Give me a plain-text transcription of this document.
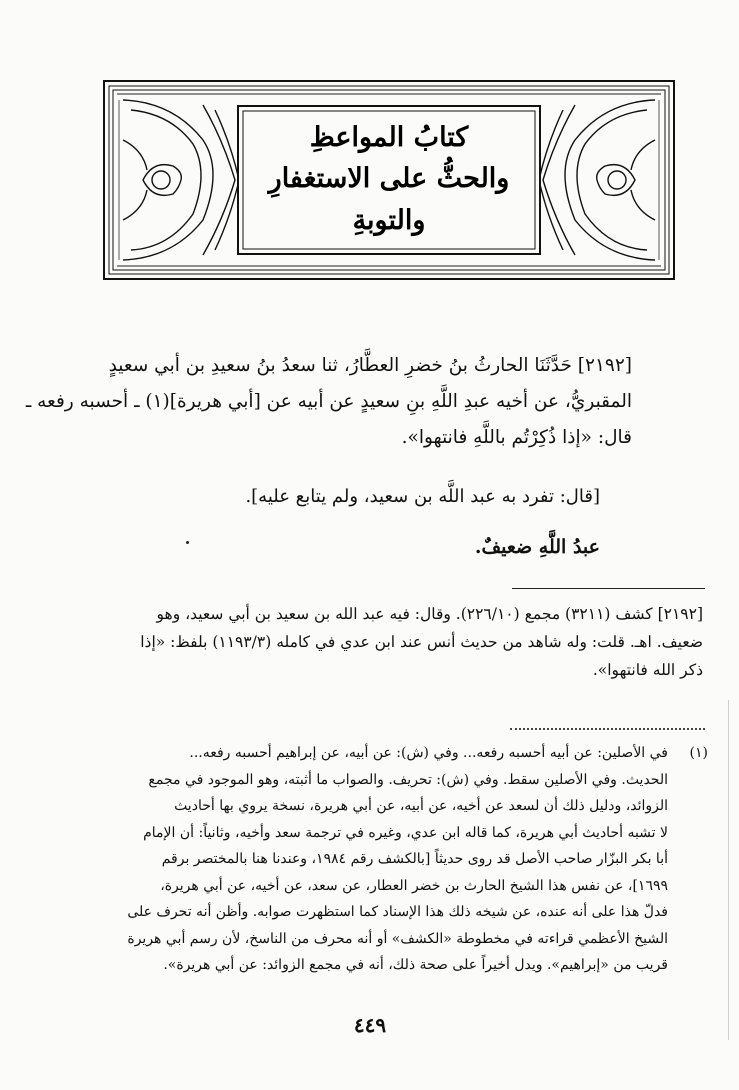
كتابُ المواعظِ
والحثُّ على الاستغفارِ والتوبةِ

[٢١٩٢] حَدَّثَنَا الحارثُ بنُ خضرِ العطَّارُ، ثنا سعدُ بنُ سعيدِ بن أبي سعيدٍ
المقبريُّ، عن أخيه عبدِ اللَّهِ بنِ سعيدٍ عن أبيه عن [أبي هريرة](١) ـ أحسبه رفعه ـ
قال: «إذا ذُكِرْتُم باللَّهِ فانتهوا».

[قال: تفرد به عبد اللَّه بن سعيد، ولم يتابع عليه].
عبدُ اللَّهِ ضعيفٌ.
[٢١٩٢] كشف (٣٢١١) مجمع (٢٢٦/١٠). وقال: فيه عبد الله بن سعيد بن أبي سعيد، وهو
ضعيف. اهـ. قلت: وله شاهد من حديث أنس عند ابن عدي في كامله (١١٩٣/٣) بلفظ: «إذا
ذكر الله فانتهوا».
(١)
في الأصلين: عن أبيه أحسبه رفعه... وفي (ش): عن أبيه، عن إبراهيم أحسبه رفعه...
الحديث. وفي الأصلين سقط. وفي (ش): تحريف. والصواب ما أثبته، وهو الموجود في مجمع
الزوائد، ودليل ذلك أن لسعد عن أخيه، عن أبيه، عن أبي هريرة، نسخة يروي بها أحاديث
لا تشبه أحاديث أبي هريرة، كما قاله ابن عدي، وغيره في ترجمة سعد وأخيه، وثانياً: أن الإمام
أبا بكر البزّار صاحب الأصل قد روى حديثاً [بالكشف رقم ١٩٨٤، وعندنا هنا بالمختصر برقم
١٦٩٩]، عن نفس هذا الشيخ الحارث بن خضر العطار، عن سعد، عن أخيه، عن أبي هريرة،
فدلّ هذا على أنه عنده، عن شيخه ذلك هذا الإسناد كما استظهرت صوابه. وأظن أنه تحرف على
الشيخ الأعظمي قراءته في مخطوطة «الكشف» أو أنه محرف من الناسخ، لأن رسم أبي هريرة
قريب من «إبراهيم». ويدل أخيراً على صحة ذلك، أنه في مجمع الزوائد: عن أبي هريرة».
٤٤٩
